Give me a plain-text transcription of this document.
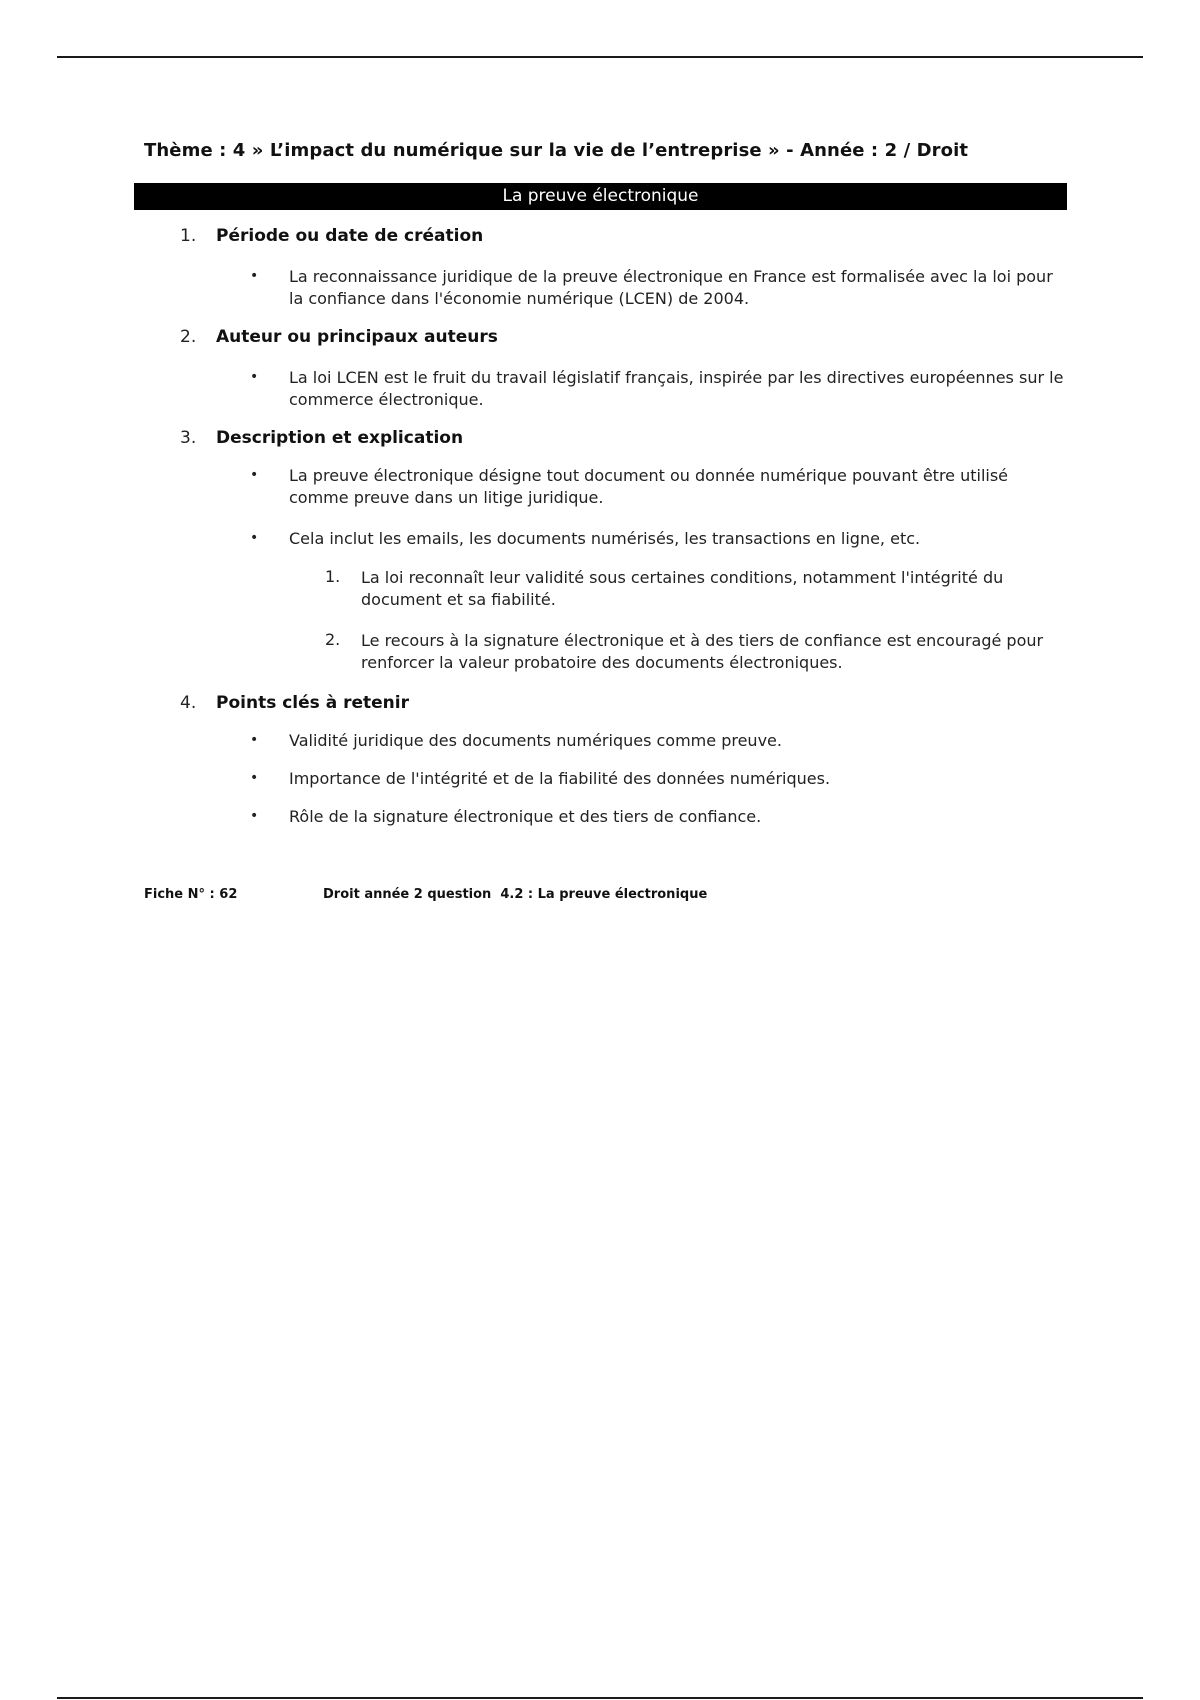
Thème : 4 » L’impact du numérique sur la vie de l’entreprise » - Année : 2 / Droit
La preuve électronique
1. Période ou date de création
• La reconnaissance juridique de la preuve électronique en France est formalisée avec la loi pour la confiance dans l'économie numérique (LCEN) de 2004.
2. Auteur ou principaux auteurs
• La loi LCEN est le fruit du travail législatif français, inspirée par les directives européennes sur le commerce électronique.
3. Description et explication
• La preuve électronique désigne tout document ou donnée numérique pouvant être utilisé comme preuve dans un litige juridique.
• Cela inclut les emails, les documents numérisés, les transactions en ligne, etc.
1. La loi reconnaît leur validité sous certaines conditions, notamment l'intégrité du document et sa fiabilité.
2. Le recours à la signature électronique et à des tiers de confiance est encouragé pour renforcer la valeur probatoire des documents électroniques.
4. Points clés à retenir
• Validité juridique des documents numériques comme preuve.
• Importance de l'intégrité et de la fiabilité des données numériques.
• Rôle de la signature électronique et des tiers de confiance.
Fiche N° : 62	Droit année 2 question  4.2 : La preuve électronique
